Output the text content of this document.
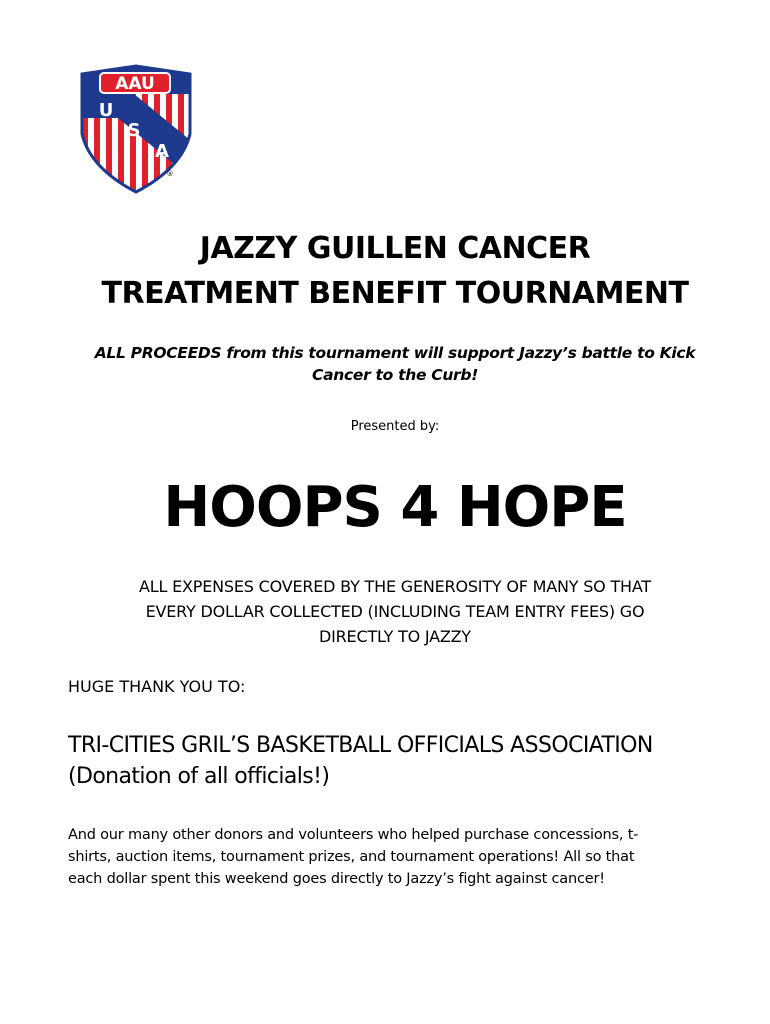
AAU
U
S
A
®
JAZZY GUILLEN CANCER
TREATMENT BENEFIT TOURNAMENT
ALL PROCEEDS from this tournament will support Jazzy’s battle to Kick
Cancer to the Curb!
Presented by:
HOOPS 4 HOPE
ALL EXPENSES COVERED BY THE GENEROSITY OF MANY SO THAT
EVERY DOLLAR COLLECTED (INCLUDING TEAM ENTRY FEES) GO
DIRECTLY TO JAZZY
HUGE THANK YOU TO:
TRI-CITIES GRIL’S BASKETBALL OFFICIALS ASSOCIATION
(Donation of all officials!)
And our many other donors and volunteers who helped purchase concessions, t-
shirts, auction items, tournament prizes, and tournament operations! All so that
each dollar spent this weekend goes directly to Jazzy’s fight against cancer!
